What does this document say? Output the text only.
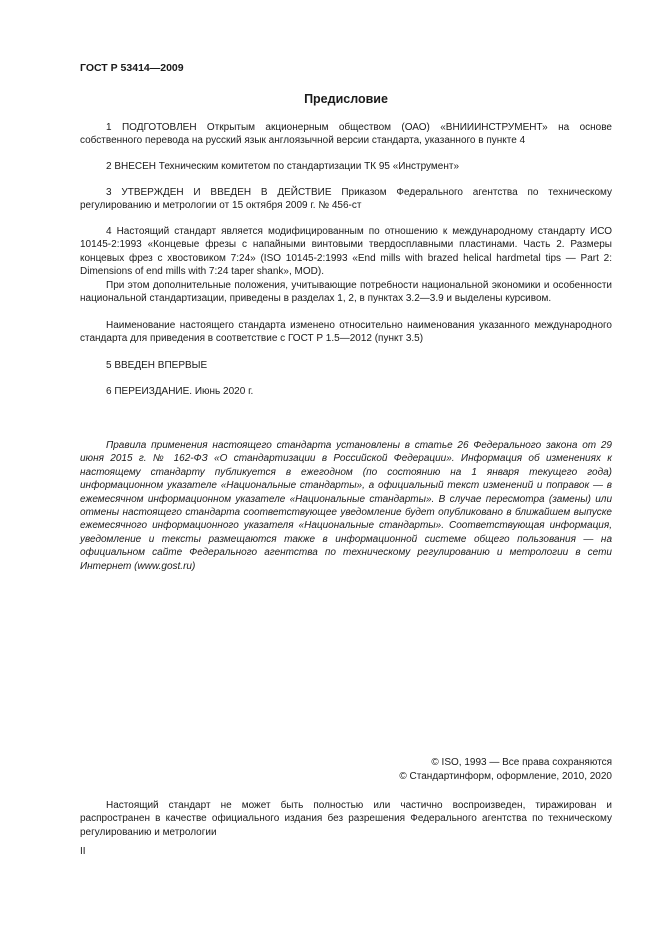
ГОСТ Р 53414—2009
Предисловие

1 ПОДГОТОВЛЕН Открытым акционерным обществом (ОАО) «ВНИИИНСТРУМЕНТ» на основе собственного перевода на русский язык англоязычной версии стандарта, указанного в пункте 4

2 ВНЕСЕН Техническим комитетом по стандартизации ТК 95 «Инструмент»

3 УТВЕРЖДЕН И ВВЕДЕН В ДЕЙСТВИЕ Приказом Федерального агентства по техническому регулированию и метрологии от 15 октября 2009 г. № 456-ст

4 Настоящий стандарт является модифицированным по отношению к международному стандарту ИСО 10145-2:1993 «Концевые фрезы с напайными винтовыми твердосплавными пластинами. Часть 2. Размеры концевых фрез с хвостовиком 7:24» (ISO 10145-2:1993 «End mills with brazed helical hardmetal tips — Part 2: Dimensions of end mills with 7:24 taper shank», MOD).

При этом дополнительные положения, учитывающие потребности национальной экономики и особенности национальной стандартизации, приведены в разделах 1, 2, в пунктах 3.2—3.9 и выделены курсивом.

Наименование настоящего стандарта изменено относительно наименования указанного международного стандарта для приведения в соответствие с ГОСТ Р 1.5—2012 (пункт 3.5)

5 ВВЕДЕН ВПЕРВЫЕ

6 ПЕРЕИЗДАНИЕ. Июнь 2020 г.

Правила применения настоящего стандарта установлены в статье 26 Федерального закона от 29 июня 2015 г. № 162-ФЗ «О стандартизации в Российской Федерации». Информация об изменениях к настоящему стандарту публикуется в ежегодном (по состоянию на 1 января текущего года) информационном указателе «Национальные стандарты», а официальный текст изменений и поправок — в ежемесячном информационном указателе «Национальные стандарты». В случае пересмотра (замены) или отмены настоящего стандарта соответствующее уведомление будет опубликовано в ближайшем выпуске ежемесячного информационного указателя «Национальные стандарты». Соответствующая информация, уведомление и тексты размещаются также в информационной системе общего пользования — на официальном сайте Федерального агентства по техническому регулированию и метрологии в сети Интернет (www.gost.ru)

© ISO, 1993 — Все права сохраняются

© Стандартинформ, оформление, 2010, 2020

Настоящий стандарт не может быть полностью или частично воспроизведен, тиражирован и распространен в качестве официального издания без разрешения Федерального агентства по техническому регулированию и метрологии

II
